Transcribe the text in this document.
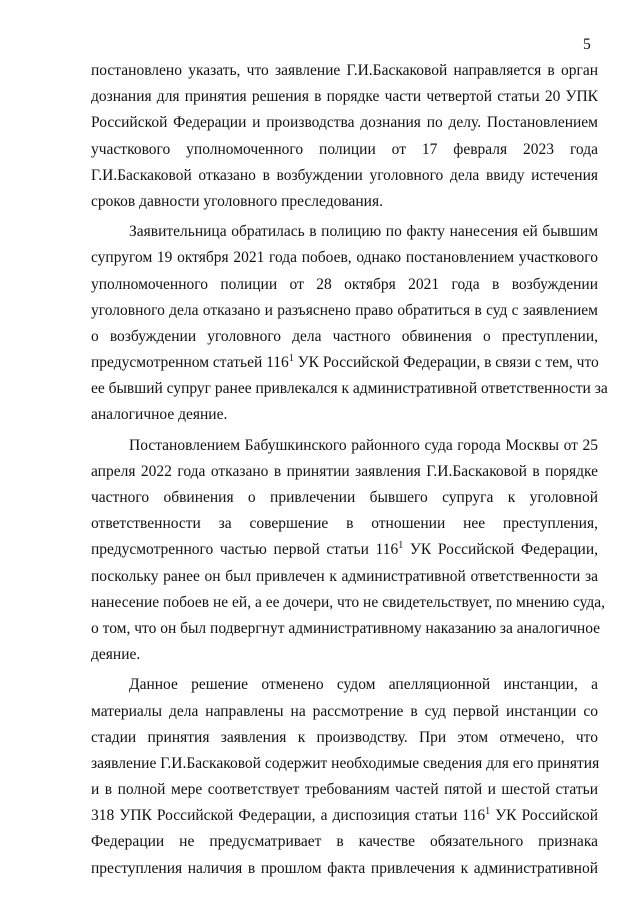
5
постановлено указать, что заявление Г.И.Баскаковой направляется в орган
дознания для принятия решения в порядке части четвертой статьи 20 УПК
Российской Федерации и производства дознания по делу. Постановлением
участкового уполномоченного полиции от 17 февраля 2023 года
Г.И.Баскаковой отказано в возбуждении уголовного дела ввиду истечения
сроков давности уголовного преследования.
Заявительница обратилась в полицию по факту нанесения ей бывшим
супругом 19 октября 2021 года побоев, однако постановлением участкового
уполномоченного полиции от 28 октября 2021 года в возбуждении
уголовного дела отказано и разъяснено право обратиться в суд с заявлением
о возбуждении уголовного дела частного обвинения о преступлении,
предусмотренном статьей $116^1$ УК Российской Федерации, в связи с тем, что
ее бывший супруг ранее привлекался к административной ответственности за
аналогичное деяние.
Постановлением Бабушкинского районного суда города Москвы от 25
апреля 2022 года отказано в принятии заявления Г.И.Баскаковой в порядке
частного обвинения о привлечении бывшего супруга к уголовной
ответственности за совершение в отношении нее преступления,
предусмотренного частью первой статьи $116^1$ УК Российской Федерации,
поскольку ранее он был привлечен к административной ответственности за
нанесение побоев не ей, а ее дочери, что не свидетельствует, по мнению суда,
о том, что он был подвергнут административному наказанию за аналогичное
деяние.
Данное решение отменено судом апелляционной инстанции, а
материалы дела направлены на рассмотрение в суд первой инстанции со
стадии принятия заявления к производству. При этом отмечено, что
заявление Г.И.Баскаковой содержит необходимые сведения для его принятия
и в полной мере соответствует требованиям частей пятой и шестой статьи
318 УПК Российской Федерации, а диспозиция статьи $116^1$ УК Российской
Федерации не предусматривает в качестве обязательного признака
преступления наличия в прошлом факта привлечения к административной
